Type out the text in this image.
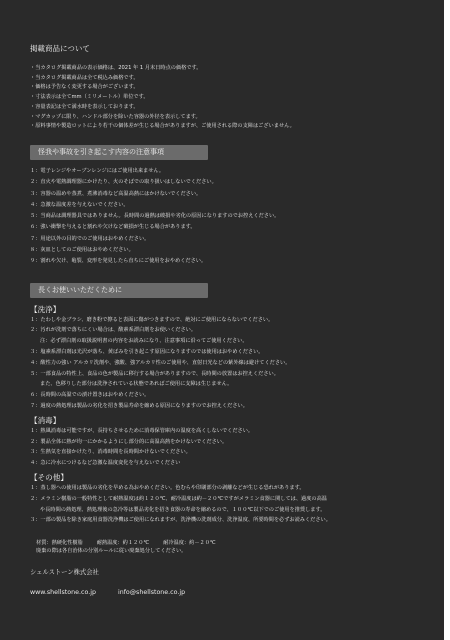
掲載商品について
・当カタログ掲載商品の表示価格は、2021 年 1 月末日時点の価格です。
・当カタログ掲載商品は全て税込み価格です。
・価格は予告なく変更する場合がございます。
・寸法表示は全てmm（ミリメートル）単位です。
・容量表記は全て満水時を表示しております。
・マグカップに限り、ハンドル部分を除いた容器の外径を表示してます。
・原料事情や製造ロットにより若干の個体差が生じる場合がありますが、ご使用される際の支障はございません。
怪我や事故を引き起こす内容の注意事項
１：電子レンジやオーブンレンジにはご使用出来ません。
２：直火や電熱調理器にかけたり、火のそばでの取り扱いはしないでください。
３：容器の温めや蒸煮、煮沸消毒など高温高熱にはかけないでください。
４：急激な温度差を与えないでください。
５：当商品は調理器具ではありません。長時間の過熱は破損や劣化の原因になりますのでお控えください。
６：強い衝撃を与えると割れや欠けなど破損が生じる場合があります。
７：用途以外の目的でのご使用はおやめください。
８：灰皿としてのご使用はおやめください。
９：割れや欠け、亀裂、変形を発見したら直ちにご使用をおやめください。
長くお使いいただくために
【洗浄】
１：たわしや金ブラシ、磨き粉で擦ると表面に傷がつきますので、絶対にご使用にならないでください。
２：汚れが洗剤で落ちにくい場合は、酸素系漂白剤をお使いください。
注：必ず漂白剤の取扱説明書の内容をお読みになり、注意事項に沿ってご使用ください。
３：塩素系漂白剤は光沢が落ち、黄ばみを引き起こす原因になりますのでは使用はおやめください。
４：酸性力の強い アルカリ洗剤や、強酸、強アルカリ性のご使用や、直射日光などの紫外線は避けてください。
５：一部食品の特性上、食品の色が製品に移行する場合がありますので、長時間の放置はお控えください。
また、色移りした部分は洗浄されている状態であればご使用に支障は生じません。
６：長時間の高温での漬け置きはおやめください。
７：過度の熱処理は製品の劣化を招き製品寿命を縮める原因になりますのでお控えください。
【消毒】
１：熱風消毒は可能ですが、長持ちさせるために消毒保管庫内の温度を高くしないでください。
２：製品全体に熱が均一にかかるようにし部分的に高温高熱をかけないでください。
３：生熱気を直接かけたり、消毒時間を長時間かけないでください。
４：急に冷水につけるなど急激な温度変化を与えないでください
【その他】
１：蒸し器への使用は製品の劣化を早める為おやめください。色むらや印刷部分の剥離などが生じる恐れがあります。
２：メラミン樹脂の一般特性として耐熱温度は約１２０℃、耐冷温度は約－２０℃ですがメラミン食器に関しては、過度の高温
や長時間の熱処理、熱処理後の急冷等は製品劣化を招き食器の寿命を縮めるので、１００℃以下でのご使用を推奨します。
３：一部の製品を除き家庭用食器洗浄機はご使用になれますが、洗浄機の洗剤成分、洗浄温度、所要時間を必ずお読みください。
材質：熱硬化性樹脂	耐熱温度：約１２０℃	耐冷温度：約－２０℃
廃棄の際は各自治体の分別ルールに従い廃棄処分してください。
シェルストーン株式会社
www.shellstone.co.jp	info@shellstone.co.jp
